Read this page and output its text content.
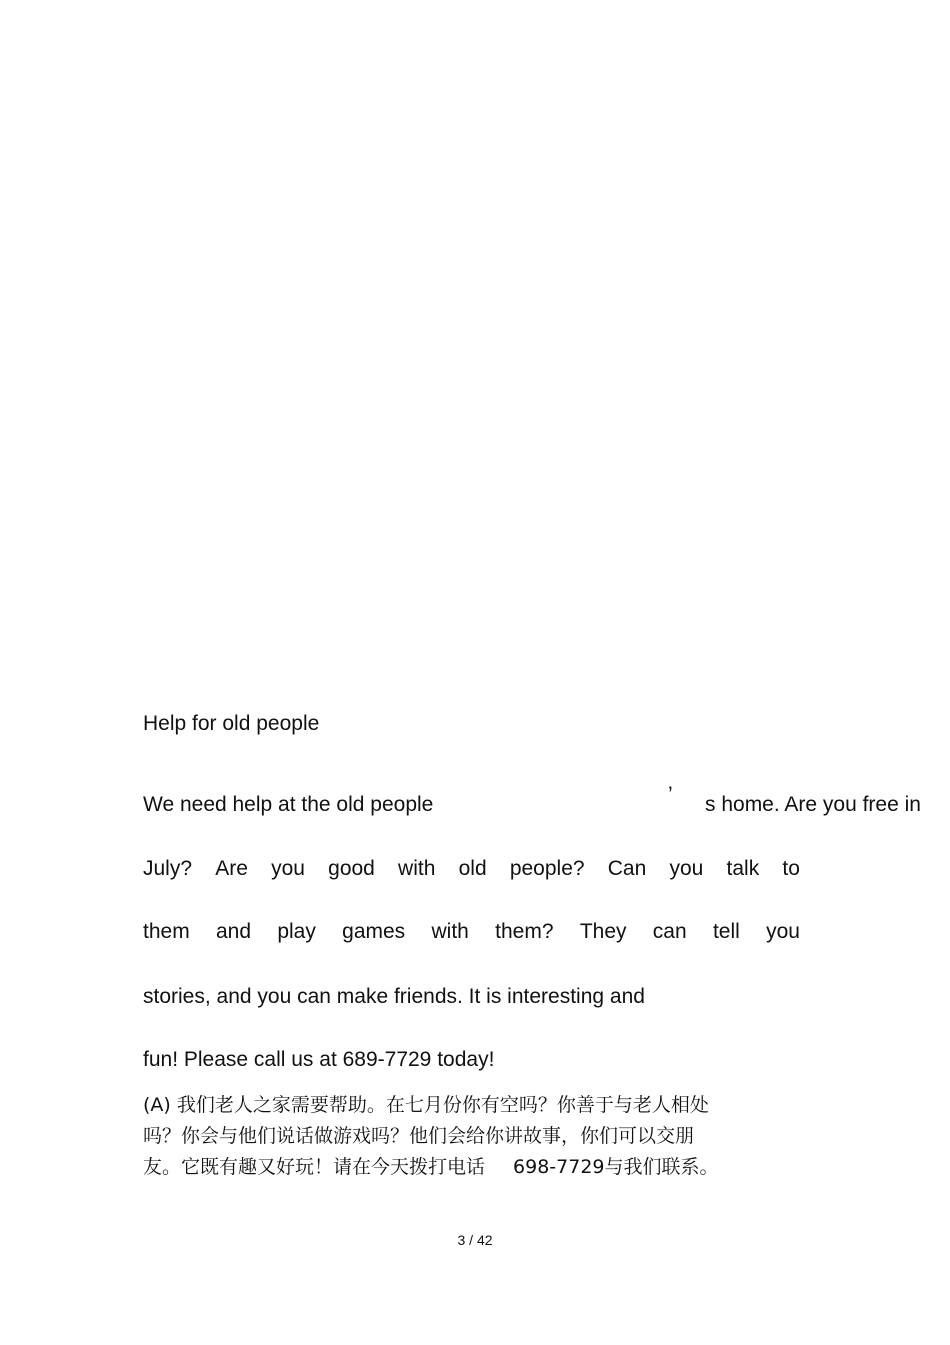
Help for old people
We need help at the old people	’ s home. Are you free in
July? Are you good with old people? Can you talk to
them and play games with them? They can tell you
stories, and you can make friends. It is interesting and
fun! Please call us at 689-7729 today!
(A) 我们老人之家需要帮助。在七月份你有空吗？你善于与老人相处
吗？你会与他们说话做游戏吗？他们会给你讲故事，你们可以交朋
友。它既有趣又好玩！请在今天拨打电话 698-7729与我们联系。
3 / 42
